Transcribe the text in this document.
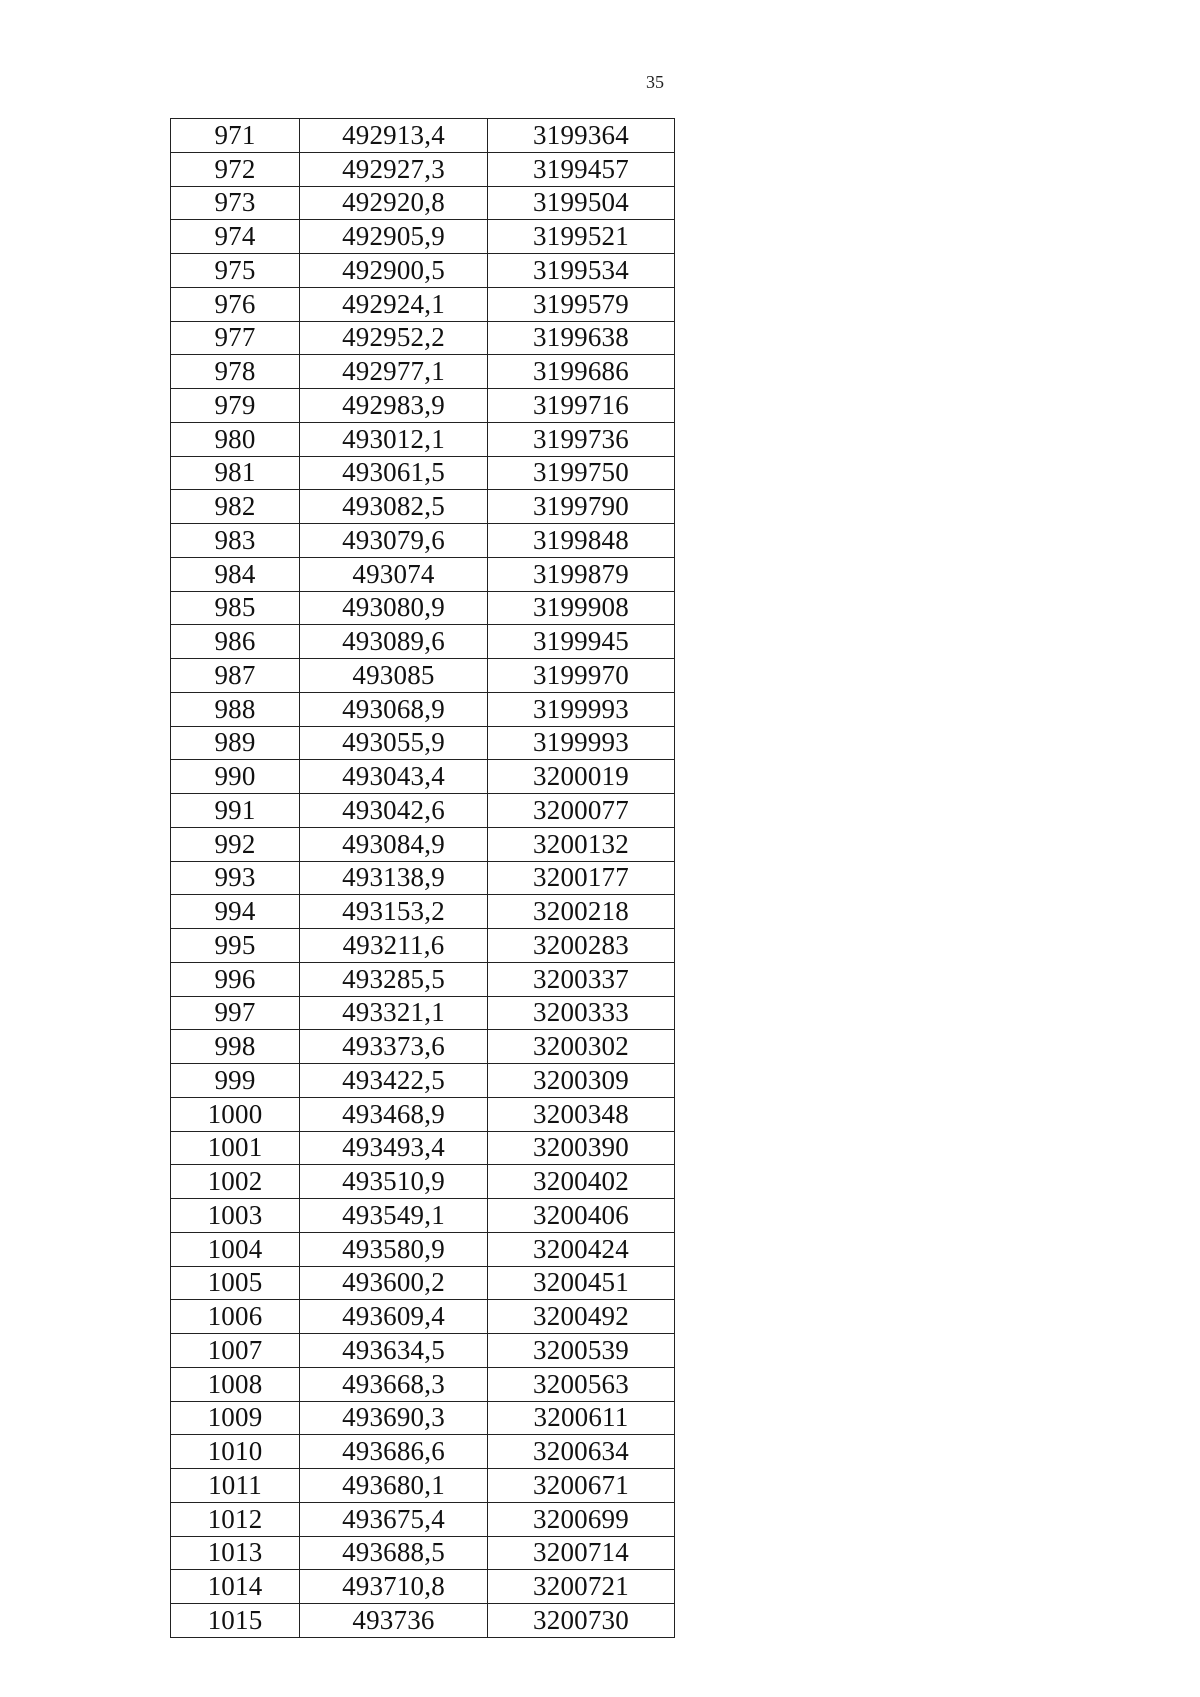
35
971	492913,4	3199364
972	492927,3	3199457
973	492920,8	3199504
974	492905,9	3199521
975	492900,5	3199534
976	492924,1	3199579
977	492952,2	3199638
978	492977,1	3199686
979	492983,9	3199716
980	493012,1	3199736
981	493061,5	3199750
982	493082,5	3199790
983	493079,6	3199848
984	493074	3199879
985	493080,9	3199908
986	493089,6	3199945
987	493085	3199970
988	493068,9	3199993
989	493055,9	3199993
990	493043,4	3200019
991	493042,6	3200077
992	493084,9	3200132
993	493138,9	3200177
994	493153,2	3200218
995	493211,6	3200283
996	493285,5	3200337
997	493321,1	3200333
998	493373,6	3200302
999	493422,5	3200309
1000	493468,9	3200348
1001	493493,4	3200390
1002	493510,9	3200402
1003	493549,1	3200406
1004	493580,9	3200424
1005	493600,2	3200451
1006	493609,4	3200492
1007	493634,5	3200539
1008	493668,3	3200563
1009	493690,3	3200611
1010	493686,6	3200634
1011	493680,1	3200671
1012	493675,4	3200699
1013	493688,5	3200714
1014	493710,8	3200721
1015	493736	3200730
